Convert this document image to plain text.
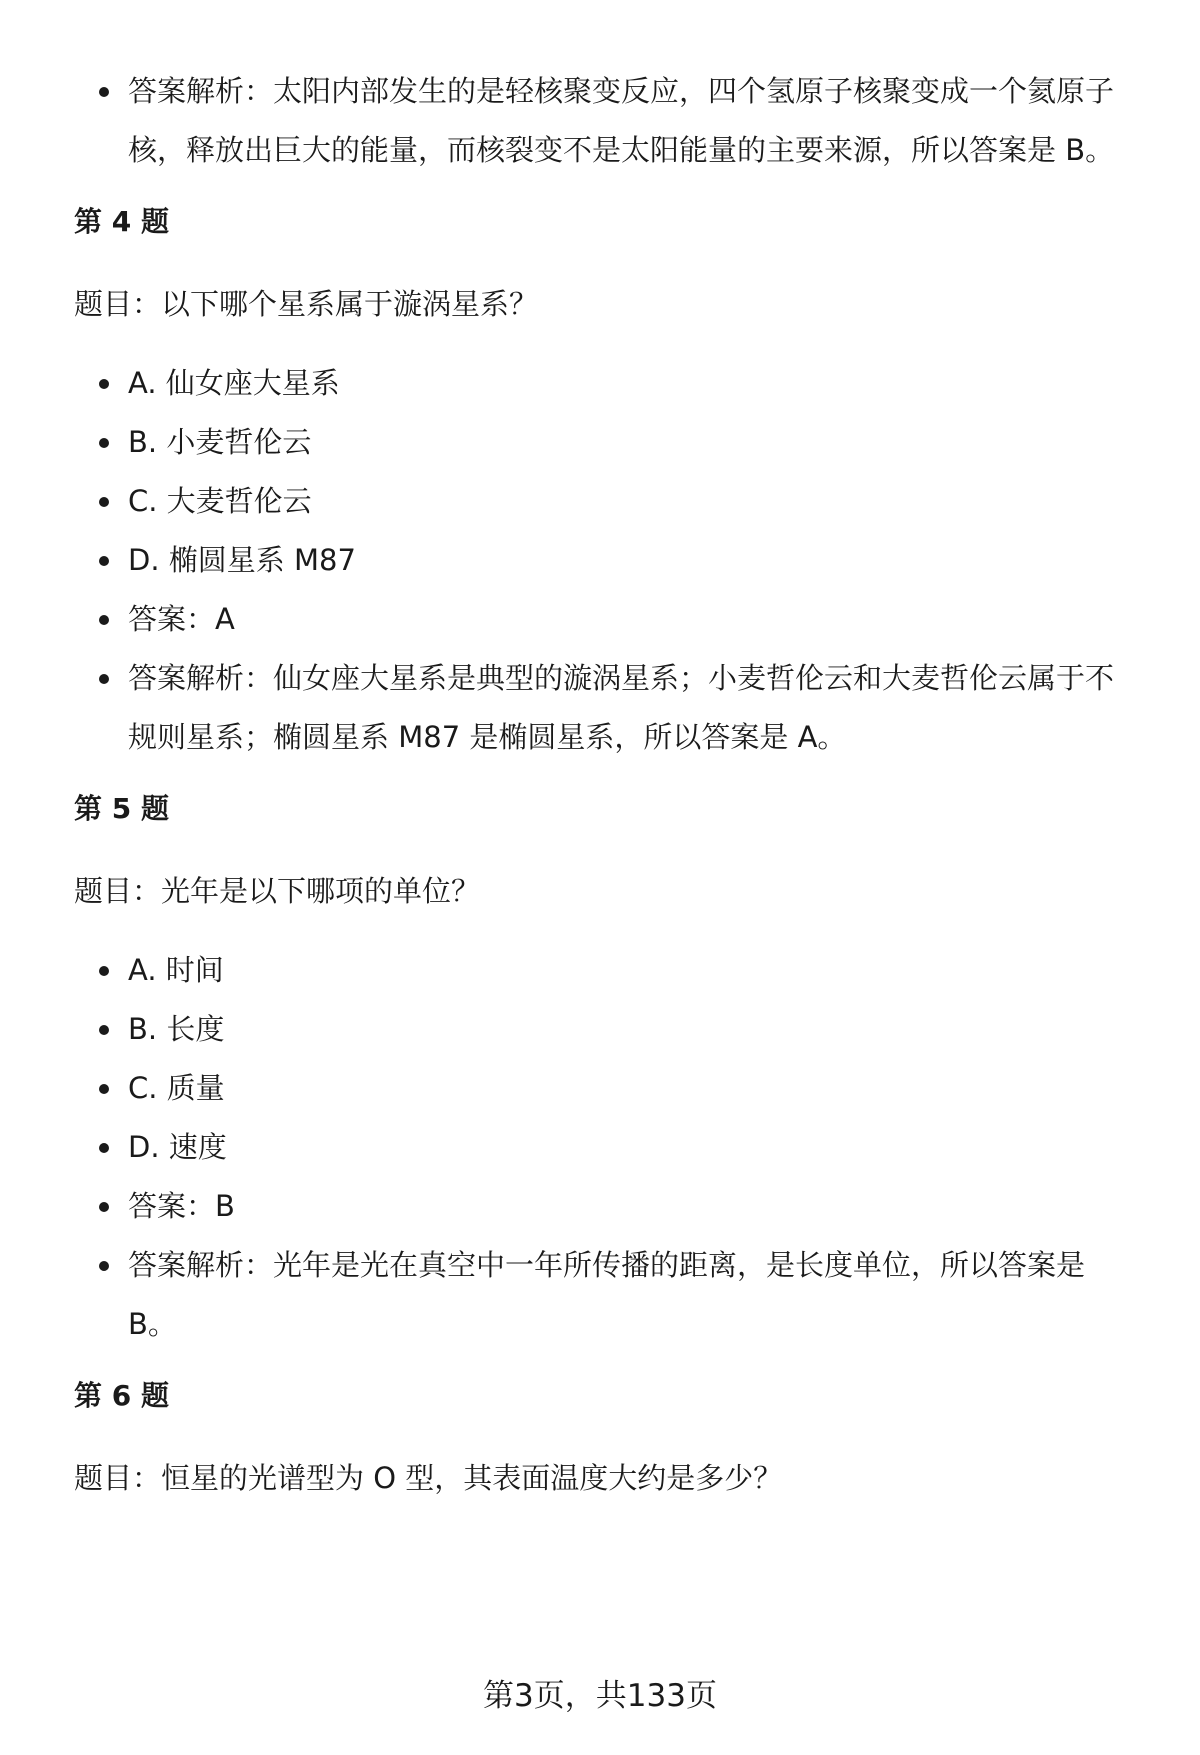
答案解析：太阳内部发生的是轻核聚变反应，四个氢原子核聚变成一个氦原子
核，释放出巨大的能量，而核裂变不是太阳能量的主要来源，所以答案是 B。
第 4 题
题目：以下哪个星系属于漩涡星系？
A. 仙女座大星系
B. 小麦哲伦云
C. 大麦哲伦云
D. 椭圆星系 M87
答案：A
答案解析：仙女座大星系是典型的漩涡星系；小麦哲伦云和大麦哲伦云属于不
规则星系；椭圆星系 M87 是椭圆星系，所以答案是 A。
第 5 题
题目：光年是以下哪项的单位？
A. 时间
B. 长度
C. 质量
D. 速度
答案：B
答案解析：光年是光在真空中一年所传播的距离，是长度单位，所以答案是
B。
第 6 题
题目：恒星的光谱型为 O 型，其表面温度大约是多少？
第3页，共133页
